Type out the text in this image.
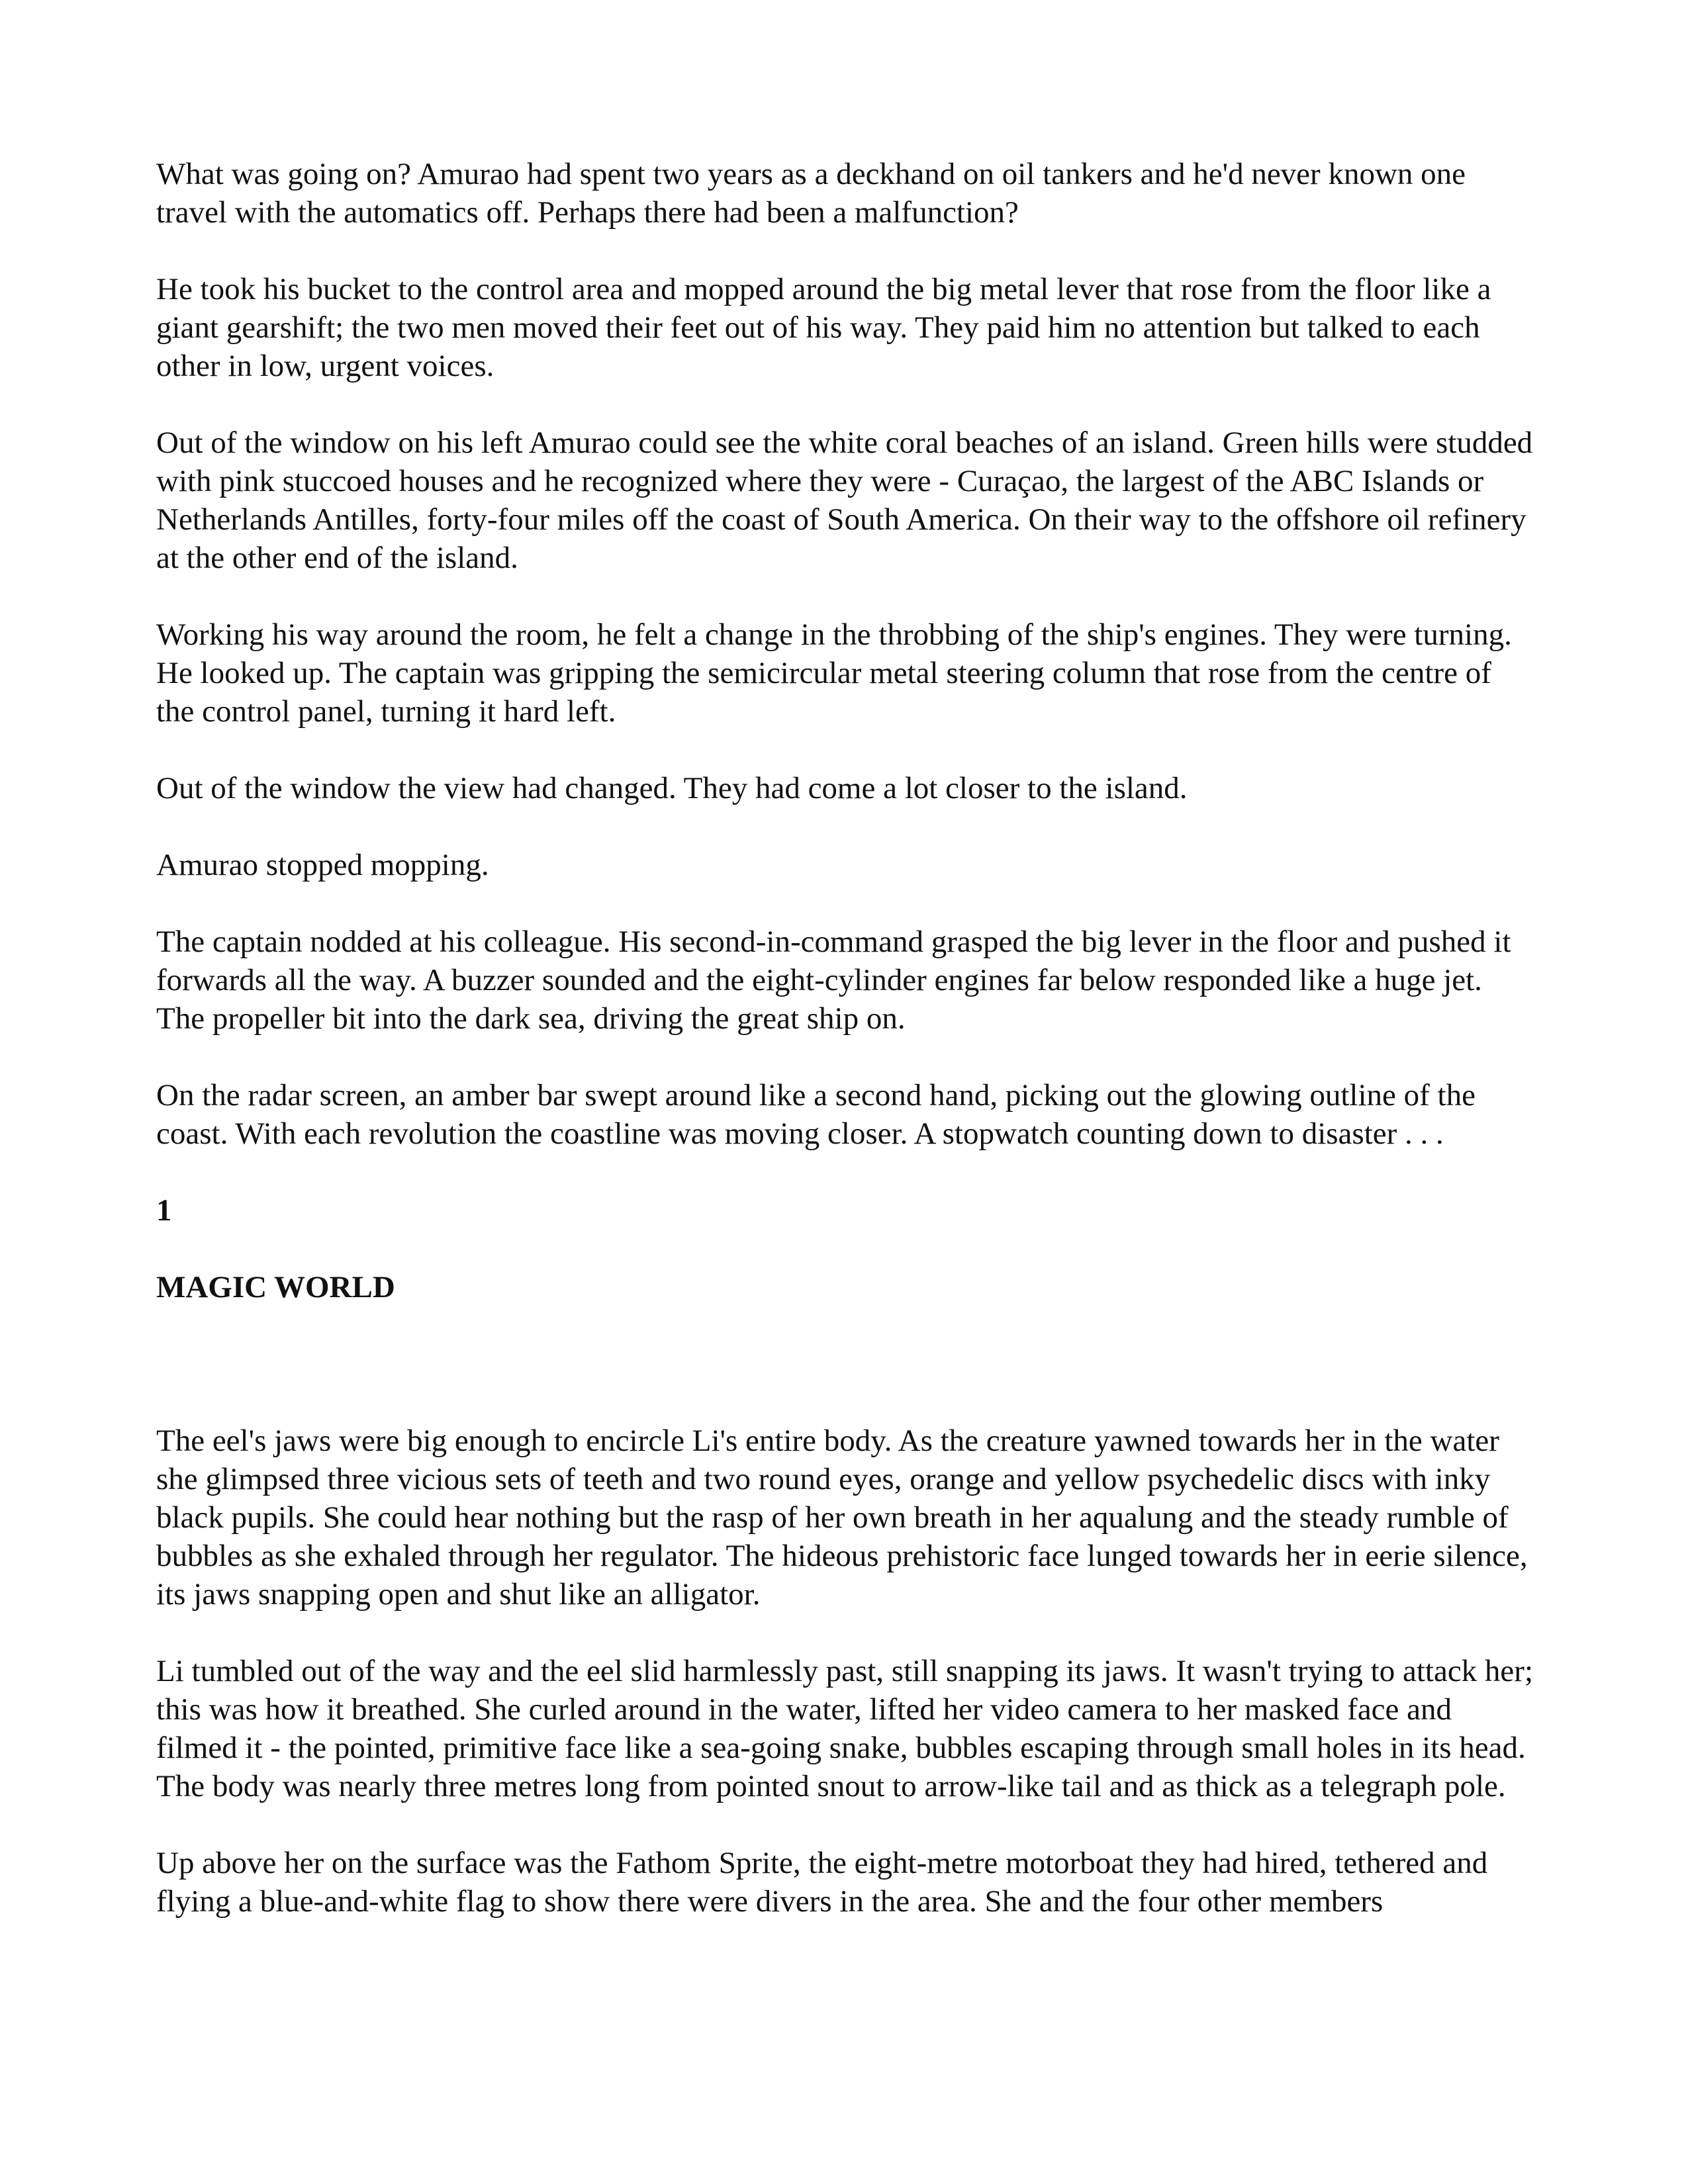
What was going on? Amurao had spent two years as a deckhand on oil tankers and he'd never known one travel with the automatics off. Perhaps there had been a malfunction?

He took his bucket to the control area and mopped around the big metal lever that rose from the floor like a giant gearshift; the two men moved their feet out of his way. They paid him no attention but talked to each other in low, urgent voices.

Out of the window on his left Amurao could see the white coral beaches of an island. Green hills were studded with pink stuccoed houses and he recognized where they were - Curaçao, the largest of the ABC Islands or Netherlands Antilles, forty-four miles off the coast of South America. On their way to the offshore oil refinery at the other end of the island.

Working his way around the room, he felt a change in the throbbing of the ship's engines. They were turning. He looked up. The captain was gripping the semicircular metal steering column that rose from the centre of the control panel, turning it hard left.

Out of the window the view had changed. They had come a lot closer to the island.

Amurao stopped mopping.

The captain nodded at his colleague. His second-in-command grasped the big lever in the floor and pushed it forwards all the way. A buzzer sounded and the eight-cylinder engines far below responded like a huge jet. The propeller bit into the dark sea, driving the great ship on.

On the radar screen, an amber bar swept around like a second hand, picking out the glowing outline of the coast. With each revolution the coastline was moving closer. A stopwatch counting down to disaster . . .

1

MAGIC WORLD

The eel's jaws were big enough to encircle Li's entire body. As the creature yawned towards her in the water she glimpsed three vicious sets of teeth and two round eyes, orange and yellow psychedelic discs with inky black pupils. She could hear nothing but the rasp of her own breath in her aqualung and the steady rumble of bubbles as she exhaled through her regulator. The hideous prehistoric face lunged towards her in eerie silence, its jaws snapping open and shut like an alligator.

Li tumbled out of the way and the eel slid harmlessly past, still snapping its jaws. It wasn't trying to attack her; this was how it breathed. She curled around in the water, lifted her video camera to her masked face and filmed it - the pointed, primitive face like a sea-going snake, bubbles escaping through small holes in its head. The body was nearly three metres long from pointed snout to arrow-like tail and as thick as a telegraph pole.

Up above her on the surface was the Fathom Sprite, the eight-metre motorboat they had hired, tethered and flying a blue-and-white flag to show there were divers in the area. She and the four other members
